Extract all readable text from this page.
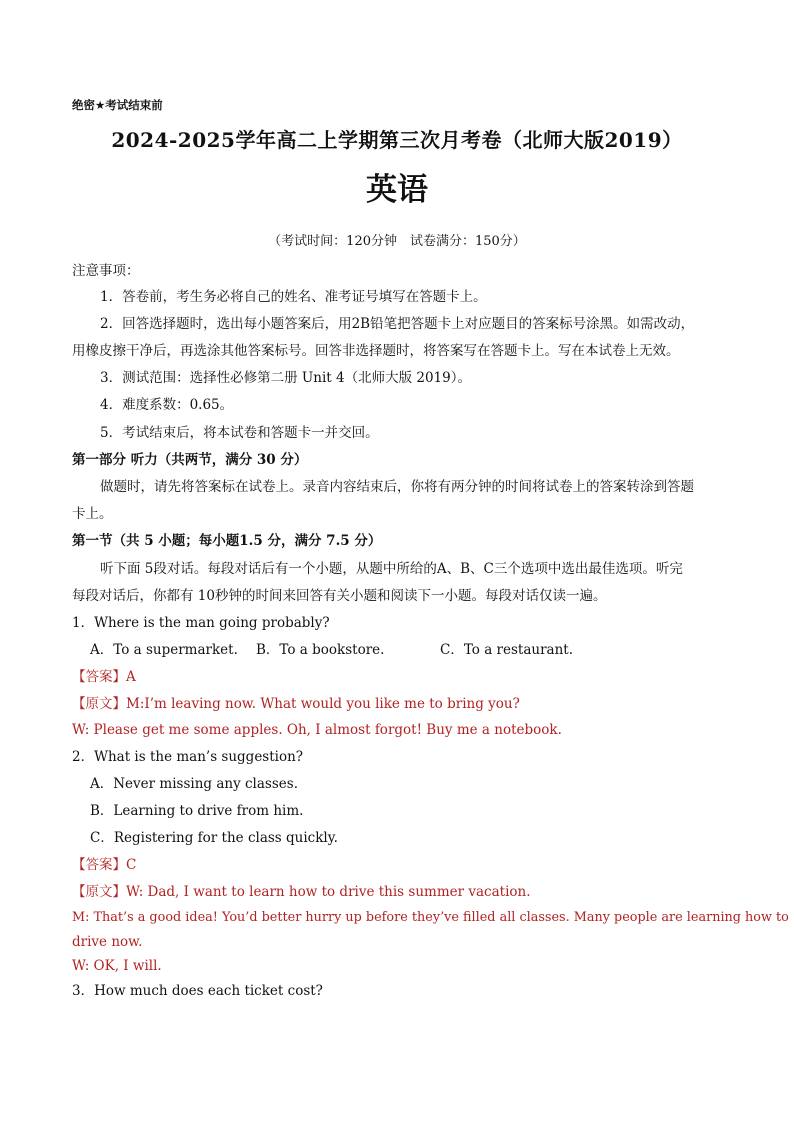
绝密★考试结束前
2024-2025学年高二上学期第三次月考卷（北师大版2019）
英语
（考试时间：120分钟　试卷满分：150分）
注意事项：
1．答卷前，考生务必将自己的姓名、准考证号填写在答题卡上。
2．回答选择题时，选出每小题答案后，用2B铅笔把答题卡上对应题目的答案标号涂黑。如需改动，
用橡皮擦干净后，再选涂其他答案标号。回答非选择题时，将答案写在答题卡上。写在本试卷上无效。
3．测试范围：选择性必修第二册 Unit 4（北师大版 2019）。
4．难度系数：0.65。
5．考试结束后，将本试卷和答题卡一并交回。
第一部分 听力（共两节，满分 30 分）
做题时，请先将答案标在试卷上。录音内容结束后，你将有两分钟的时间将试卷上的答案转涂到答题
卡上。
第一节（共 5 小题；每小题1.5 分，满分 7.5 分）
听下面 5段对话。每段对话后有一个小题，从题中所给的A、B、C三个选项中选出最佳选项。听完
每段对话后，你都有 10秒钟的时间来回答有关小题和阅读下一小题。每段对话仅读一遍。
1．Where is the man going probably?
A．To a supermarket. B．To a bookstore.	C．To a restaurant.
【答案】A
【原文】M:I’m leaving now. What would you like me to bring you?
W: Please get me some apples. Oh, I almost forgot! Buy me a notebook.
2．What is the man’s suggestion?
A．Never missing any classes.
B．Learning to drive from him.
C．Registering for the class quickly.
【答案】C
【原文】W: Dad, I want to learn how to drive this summer vacation.
M: That’s a good idea! You’d better hurry up before they’ve filled all classes. Many people are learning how to
drive now.
W: OK, I will.
3．How much does each ticket cost?
